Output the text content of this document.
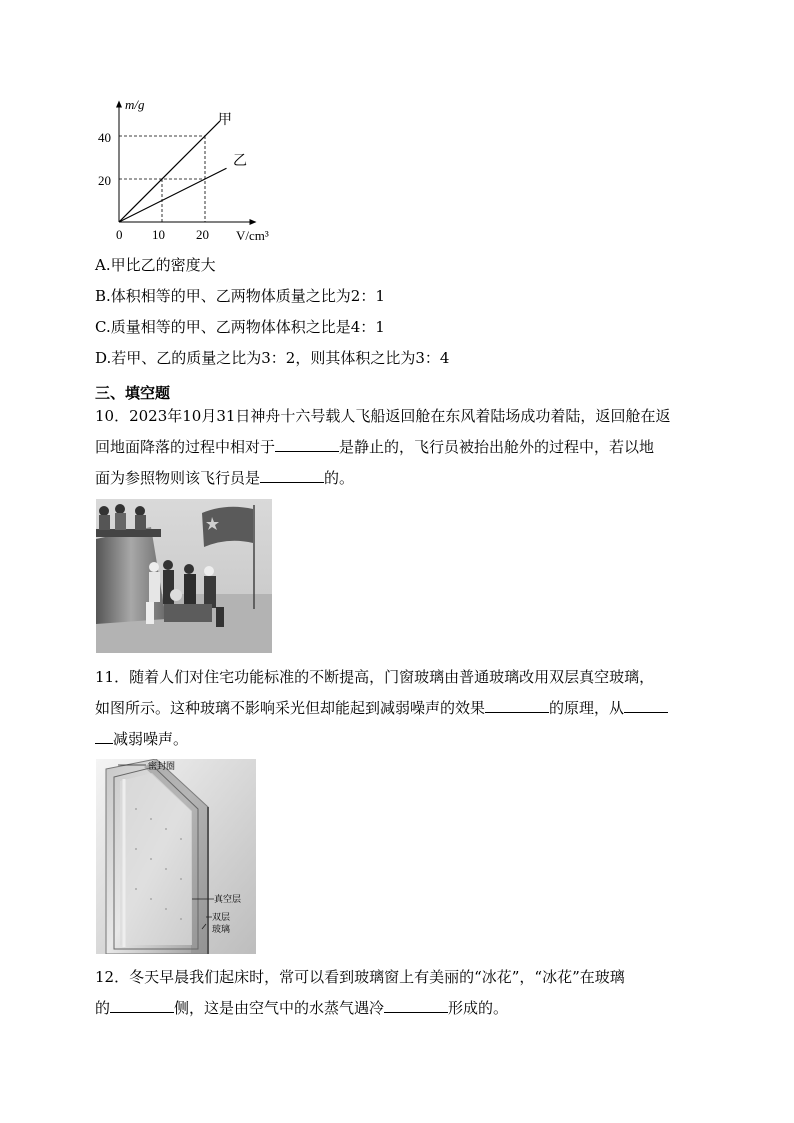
m/g
V/cm³
甲
乙
40
20
0 10 20
A.甲比乙的密度大
B.体积相等的甲、乙两物体质量之比为2：1
C.质量相等的甲、乙两物体体积之比是4：1
D.若甲、乙的质量之比为3：2，则其体积之比为3：4
三、填空题
10．2023年10月31日神舟十六号载人飞船返回舱在东风着陆场成功着陆，返回舱在返
回地面降落的过程中相对于	是静止的，飞行员被抬出舱外的过程中，若以地
面为参照物则该飞行员是	的。
11．随着人们对住宅功能标准的不断提高，门窗玻璃由普通玻璃改用双层真空玻璃，
如图所示。这种玻璃不影响采光但却能起到减弱噪声的效果	的原理，从
减弱噪声。
密封圈
真空层
双层
玻璃
12．冬天早晨我们起床时，常可以看到玻璃窗上有美丽的“冰花”，“冰花”在玻璃
的	侧，这是由空气中的水蒸气遇冷	形成的。
